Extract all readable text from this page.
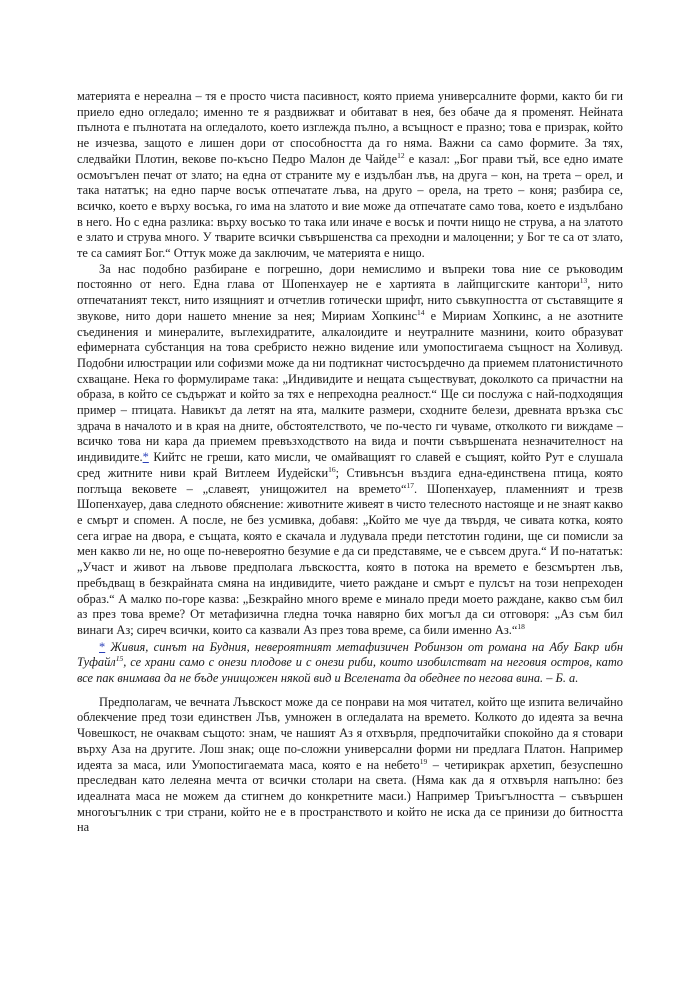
материята е нереална – тя е просто чиста пасивност, която приема универсалните форми, както би ги приело едно огледало; именно те я раздвижват и обитават в нея, без обаче да я променят. Нейната пълнота е пълнотата на огледалото, което изглежда пълно, а всъщност е празно; това е призрак, който не изчезва, защото е лишен дори от способността да го няма. Важни са само формите. За тях, следвайки Плотин, векове по-късно Педро Малон де Чайде$^{12}$ е казал: „Бог прави тъй, все едно имате осмоъгълен печат от злато; на една от страните му е издълбан лъв, на друга – кон, на трета – орел, и така нататък; на едно парче восък отпечатате лъва, на друго – орела, на трето – коня; разбира се, всичко, което е върху восъка, го има на златото и вие може да отпечатате само това, което е издълбано в него. Но с една разлика: върху восъко то така или иначе е восък и почти нищо не струва, а на златото е злато и струва много. У тварите всички съвършенства са преходни и малоценни; у Бог те са от злато, те са самият Бог.“ Оттук може да заключим, че материята е нищо.

За нас подобно разбиране е погрешно, дори немислимо и въпреки това ние се ръководим постоянно от него. Една глава от Шопенхауер не е хартията в лайпцигските кантори$^{13}$, нито отпечатаният текст, нито изящният и отчетлив готически шрифт, нито съвкупността от съставящите я звукове, нито дори нашето мнение за нея; Мириам Хопкинс$^{14}$ е Мириам Хопкинс, а не азотните съединения и минералите, въглехидратите, алкалоидите и неутралните мазнини, които образуват ефимерната субстанция на това сребристо нежно видение или умопостигаема същност на Холивуд. Подобни илюстрации или софизми може да ни подтикнат чистосърдечно да приемем платонистичното схващане. Нека го формулираме така: „Индивидите и нещата съществуват, доколкото са причастни на образа, в който се съдържат и който за тях е непреходна реалност.“ Ще си послужа с най-подходящия пример – птицата. Навикът да летят на ята, малките размери, сходните белези, древната връзка със здрача в началото и в края на дните, обстоятелството, че по-често ги чуваме, отколкото ги виждаме – всичко това ни кара да приемем превъзходството на вида и почти съвършената незначителност на индивидите.* Кийтс не греши, като мисли, че омайващият го славей е същият, който Рут е слушала сред житните ниви край Витлеем Иудейски$^{16}$; Стивънсън въздига една-единствена птица, която поглъща вековете – „славеят, унищожител на времето“$^{17}$. Шопенхауер, пламенният и трезв Шопенхауер, дава следното обяснение: животните живеят в чисто телесното настояще и не знаят какво е смърт и спомен. А после, не без усмивка, добавя: „Който ме чуе да твърдя, че сивата котка, която сега играе на двора, е същата, която е скачала и лудувала преди петстотин години, ще си помисли за мен какво ли не, но още по-невероятно безумие е да си представяме, че е съвсем друга.“ И по-нататък: „Участ и живот на лъвове предполага лъвскостта, която в потока на времето е безсмъртен лъв, пребъдващ в безкрайната смяна на индивидите, чието раждане и смърт е пулсът на този непреходен образ.“ А малко по-горе казва: „Безкрайно много време е минало преди моето раждане, какво съм бил аз през това време? От метафизична гледна точка навярно бих могъл да си отговоря: „Аз съм бил винаги Аз; сиреч всички, които са казвали Аз през това време, са били именно Аз.“$^{18}$

* Живия, синът на Будния, невероятният метафизичен Робинзон от романа на Абу Бакр ибн Туфайл$^{15}$, се храни само с онези плодове и с онези риби, които изобилстват на неговия остров, като все пак внимава да не бъде унищожен някой вид и Вселената да обеднее по негова вина. – Б. а.

Предполагам, че вечната Лъвскост може да се понрави на моя читател, който ще изпита величайно облекчение пред този единствен Лъв, умножен в огледалата на времето. Колкото до идеята за вечна Човешкост, не очаквам същото: знам, че нашият Аз я отхвърля, предпочитайки спокойно да я стовари върху Аза на другите. Лош знак; още по-сложни универсални форми ни предлага Платон. Например идеята за маса, или Умопостигаемата маса, която е на небето$^{19}$ – четирикрак архетип, безуспешно преследван като лелеяна мечта от всички столари на света. (Няма как да я отхвърля напълно: без идеалната маса не можем да стигнем до конкретните маси.) Например Триъгълността – съвършен многоъгълник с три страни, който не е в пространството и който не иска да се принизи до битността на
